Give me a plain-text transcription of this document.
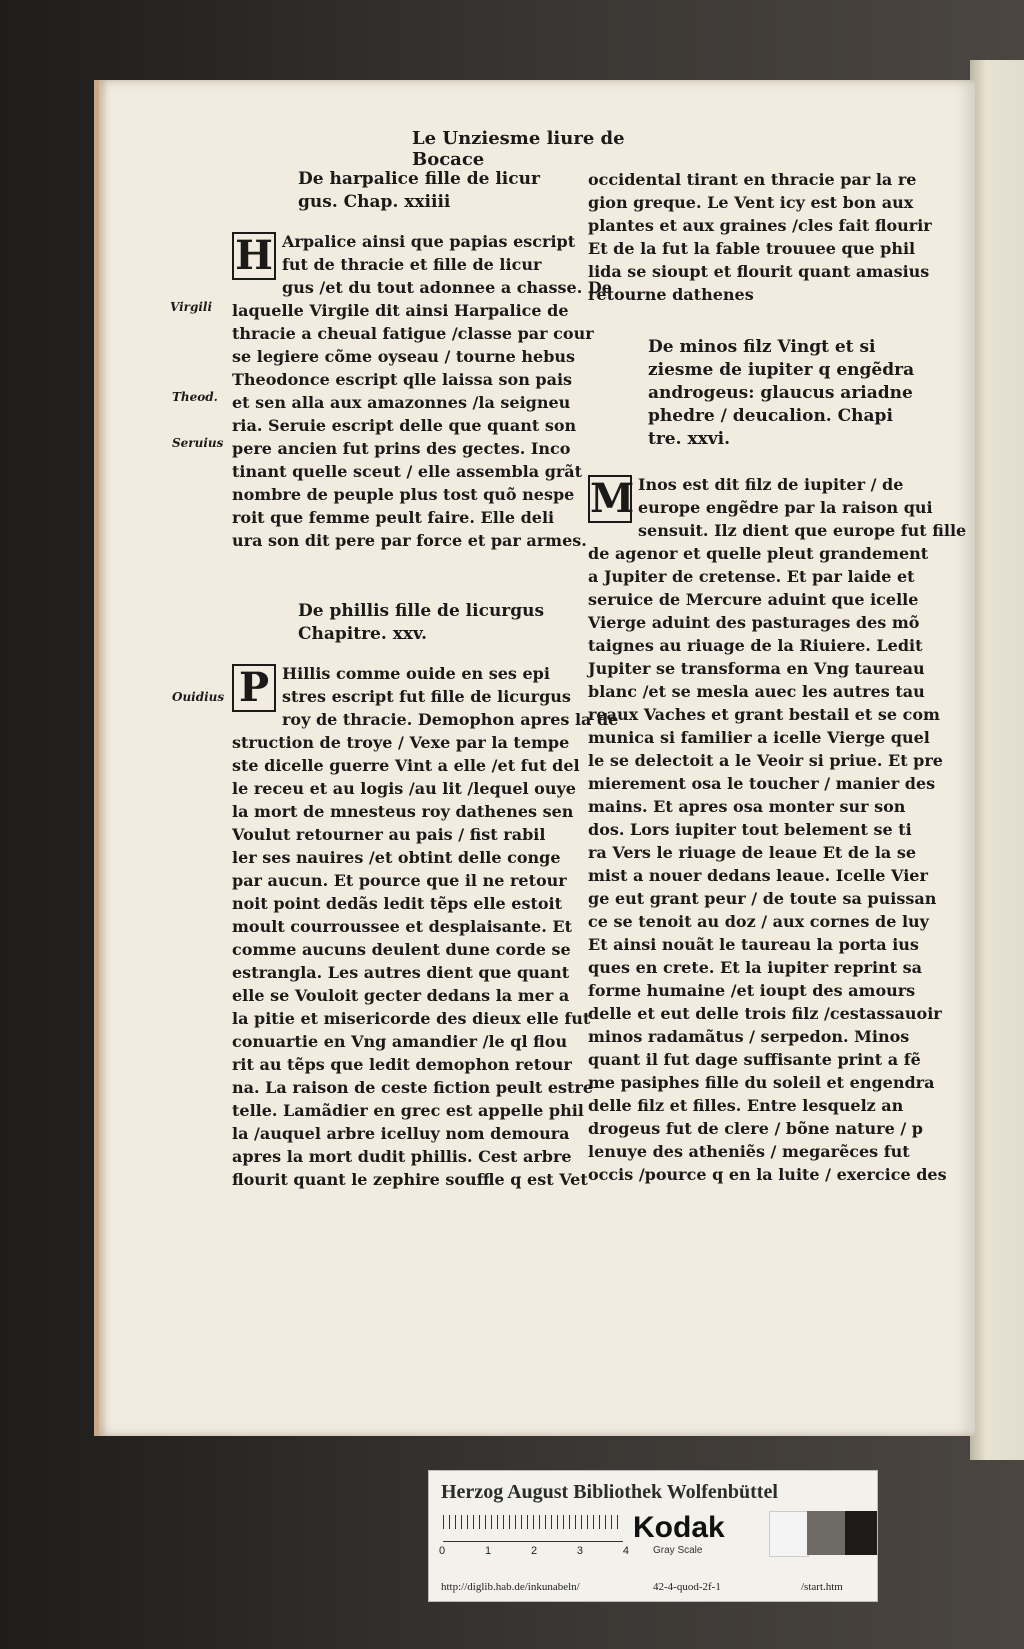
Le Unziesme liure de Bocace
De harpalice fille de licur
gus. Chap. xxiiii
H Arpalice ainsi que papias escript
fut de thracie et fille de licur
gus /et du tout adonnee a chasse. De
laquelle Virgile dit ainsi Harpalice de
thracie a cheual fatigue /classe par cour
se legiere cõme oyseau / tourne hebus
Theodonce escript qlle laissa son pais
et sen alla aux amazonnes /la seigneu
ria. Seruie escript delle que quant son
pere ancien fut prins des gectes. Inco
tinant quelle sceut / elle assembla grãt
nombre de peuple plus tost quõ nespe
roit que femme peult faire. Elle deli
ura son dit pere par force et par armes.
De phillis fille de licurgus
Chapitre. xxv.
P Hillis comme ouide en ses epi
stres escript fut fille de licurgus
roy de thracie. Demophon apres la de
struction de troye / Vexe par la tempe
ste dicelle guerre Vint a elle /et fut del
le receu et au logis /au lit /lequel ouye
la mort de mnesteus roy dathenes sen
Voulut retourner au pais / fist rabil
ler ses nauires /et obtint delle conge
par aucun. Et pource que il ne retour
noit point dedãs ledit tẽps elle estoit
moult courroussee et desplaisante. Et
comme aucuns deulent dune corde se
estrangla. Les autres dient que quant
elle se Vouloit gecter dedans la mer a
la pitie et misericorde des dieux elle fut
conuartie en Vng amandier /le ql flou
rit au tẽps que ledit demophon retour
na. La raison de ceste fiction peult estre
telle. Lamãdier en grec est appelle phil
la /auquel arbre icelluy nom demoura
apres la mort dudit phillis. Cest arbre
flourit quant le zephire souffle q est Vet
Virgili
Theod.
Seruius
Ouidius
occidental tirant en thracie par la re
gion greque. Le Vent icy est bon aux
plantes et aux graines /cles fait flourir
Et de la fut la fable trouuee que phil
lida se sioupt et flourit quant amasius
retourne dathenes
De minos filz Vingt et si
ziesme de iupiter q engẽdra
androgeus: glaucus ariadne
phedre / deucalion. Chapi
tre. xxvi.
M Inos est dit filz de iupiter / de
europe engẽdre par la raison qui
sensuit. Ilz dient que europe fut fille
de agenor et quelle pleut grandement
a Jupiter de cretense. Et par laide et
seruice de Mercure aduint que icelle
Vierge aduint des pasturages des mõ
taignes au riuage de la Riuiere. Ledit
Jupiter se transforma en Vng taureau
blanc /et se mesla auec les autres tau
reaux Vaches et grant bestail et se com
munica si familier a icelle Vierge quel
le se delectoit a le Veoir si priue. Et pre
mierement osa le toucher / manier des
mains. Et apres osa monter sur son
dos. Lors iupiter tout belement se ti
ra Vers le riuage de leaue Et de la se
mist a nouer dedans leaue. Icelle Vier
ge eut grant peur / de toute sa puissan
ce se tenoit au doz / aux cornes de luy
Et ainsi nouãt le taureau la porta ius
ques en crete. Et la iupiter reprint sa
forme humaine /et ioupt des amours
delle et eut delle trois filz /cestassauoir
minos radamãtus / serpedon. Minos
quant il fut dage suffisante print a fẽ
me pasiphes fille du soleil et engendra
delle filz et filles. Entre lesquelz an
drogeus fut de clere / bõne nature / p
lenuye des atheniẽs / megarẽces fut
occis /pource q en la luite / exercice des
Herzog August Bibliothek Wolfenbüttel
0	1	2	3	4
Kodak
Gray Scale
http://diglib.hab.de/inkunabeln/	42-4-quod-2f-1	/start.htm
